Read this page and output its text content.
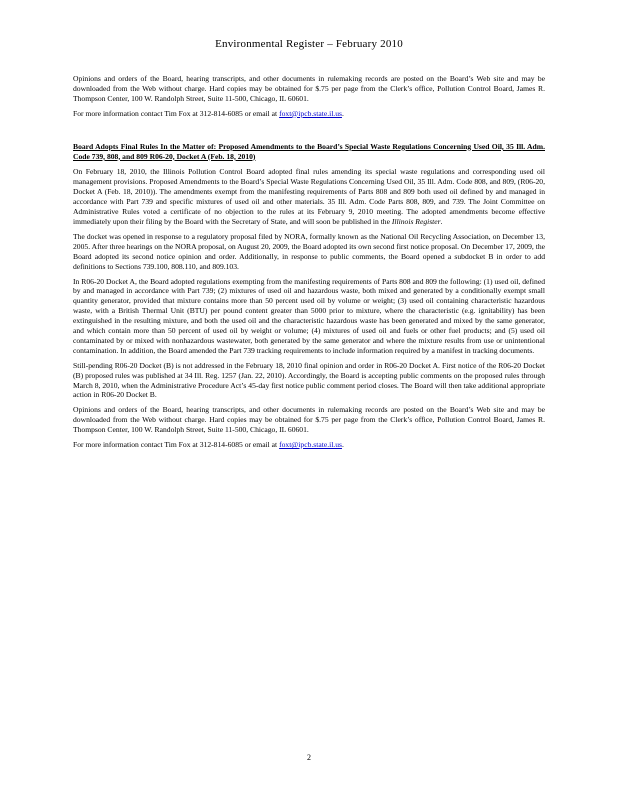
Environmental Register – February 2010

Opinions and orders of the Board, hearing transcripts, and other documents in rulemaking records are posted on the Board’s Web site and may be downloaded from the Web without charge. Hard copies may be obtained for $.75 per page from the Clerk’s office, Pollution Control Board, James R. Thompson Center, 100 W. Randolph Street, Suite 11-500, Chicago, IL 60601.

For more information contact Tim Fox at 312-814-6085 or email at foxt@ipcb.state.il.us.

Board Adopts Final Rules In the Matter of: Proposed Amendments to the Board’s Special Waste Regulations Concerning Used Oil, 35 Ill. Adm. Code 739, 808, and 809 R06-20, Docket A (Feb. 18, 2010)

On February 18, 2010, the Illinois Pollution Control Board adopted final rules amending its special waste regulations and corresponding used oil management provisions. Proposed Amendments to the Board’s Special Waste Regulations Concerning Used Oil, 35 Ill. Adm. Code 808, and 809, (R06-20, Docket A (Feb. 18, 2010)). The amendments exempt from the manifesting requirements of Parts 808 and 809 both used oil defined by and managed in accordance with Part 739 and specific mixtures of used oil and other materials. 35 Ill. Adm. Code Parts 808, 809, and 739. The Joint Committee on Administrative Rules voted a certificate of no objection to the rules at its February 9, 2010 meeting. The adopted amendments become effective immediately upon their filing by the Board with the Secretary of State, and will soon be published in the Illinois Register.

The docket was opened in response to a regulatory proposal filed by NORA, formally known as the National Oil Recycling Association, on December 13, 2005. After three hearings on the NORA proposal, on August 20, 2009, the Board adopted its own second first notice proposal. On December 17, 2009, the Board adopted its second notice opinion and order. Additionally, in response to public comments, the Board opened a subdocket B in order to add definitions to Sections 739.100, 808.110, and 809.103.

In R06-20 Docket A, the Board adopted regulations exempting from the manifesting requirements of Parts 808 and 809 the following: (1) used oil, defined by and managed in accordance with Part 739; (2) mixtures of used oil and hazardous waste, both mixed and generated by a conditionally exempt small quantity generator, provided that mixture contains more than 50 percent used oil by volume or weight; (3) used oil containing characteristic hazardous waste, with a British Thermal Unit (BTU) per pound content greater than 5000 prior to mixture, where the characteristic (e.g. ignitability) has been extinguished in the resulting mixture, and both the used oil and the characteristic hazardous waste has been generated and mixed by the same generator, and which contain more than 50 percent of used oil by weight or volume; (4) mixtures of used oil and fuels or other fuel products; and (5) used oil contaminated by or mixed with nonhazardous wastewater, both generated by the same generator and where the mixture results from use or unintentional contamination. In addition, the Board amended the Part 739 tracking requirements to include information required by a manifest in tracking documents.

Still-pending R06-20 Docket (B) is not addressed in the February 18, 2010 final opinion and order in R06-20 Docket A. First notice of the R06-20 Docket (B) proposed rules was published at 34 Ill. Reg. 1257 (Jan. 22, 2010). Accordingly, the Board is accepting public comments on the proposed rules through March 8, 2010, when the Administrative Procedure Act’s 45-day first notice public comment period closes. The Board will then take additional appropriate action in R06-20 Docket B.

Opinions and orders of the Board, hearing transcripts, and other documents in rulemaking records are posted on the Board’s Web site and may be downloaded from the Web without charge. Hard copies may be obtained for $.75 per page from the Clerk’s office, Pollution Control Board, James R. Thompson Center, 100 W. Randolph Street, Suite 11-500, Chicago, IL 60601.

For more information contact Tim Fox at 312-814-6085 or email at foxt@ipcb.state.il.us.

2
